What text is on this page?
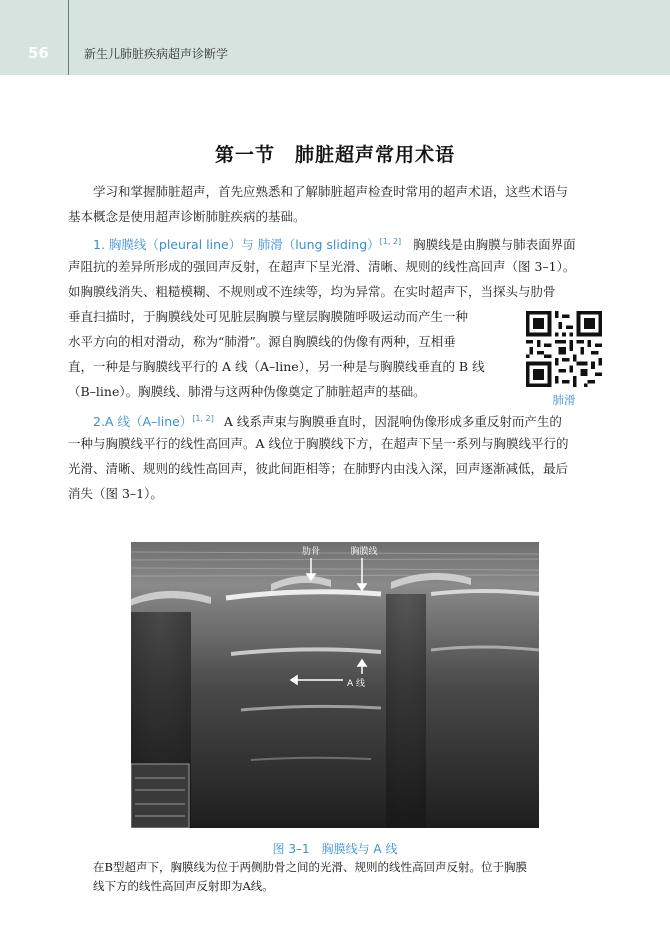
56	新生儿肺脏疾病超声诊断学
第一节　肺脏超声常用术语
学习和掌握肺脏超声，首先应熟悉和了解肺脏超声检查时常用的超声术语，这些术语与
基本概念是使用超声诊断肺脏疾病的基础。
1. 胸膜线（pleural line）与 肺滑（lung sliding）[1, 2] 胸膜线是由胸膜与肺表面界面
声阻抗的差异所形成的强回声反射，在超声下呈光滑、清晰、规则的线性高回声（图 3–1）。
如胸膜线消失、粗糙模糊、不规则或不连续等，均为异常。在实时超声下，当探头与肋骨
垂直扫描时，于胸膜线处可见脏层胸膜与壁层胸膜随呼吸运动而产生一种
水平方向的相对滑动，称为“肺滑”。源自胸膜线的伪像有两种，互相垂
直，一种是与胸膜线平行的 A 线（A–line），另一种是与胸膜线垂直的 B 线
（B–line）。胸膜线、肺滑与这两种伪像奠定了肺脏超声的基础。
肺滑
2.A 线（A–line）[1, 2] A 线系声束与胸膜垂直时，因混响伪像形成多重反射而产生的
一种与胸膜线平行的线性高回声。A 线位于胸膜线下方，在超声下呈一系列与胸膜线平行的
光滑、清晰、规则的线性高回声，彼此间距相等；在肺野内由浅入深，回声逐渐减低，最后
消失（图 3–1）。
肋骨	胸膜线
A 线
图 3–1　胸膜线与 A 线
在B型超声下，胸膜线为位于两侧肋骨之间的光滑、规则的线性高回声反射。位于胸膜
线下方的线性高回声反射即为A线。
